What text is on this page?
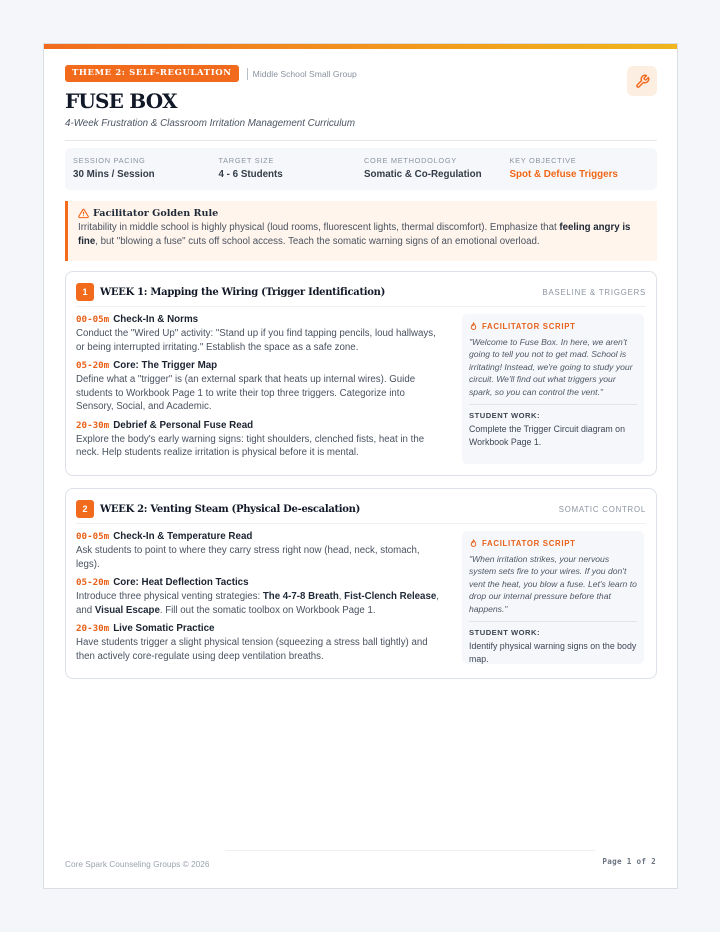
THEME 2: SELF-REGULATION	Middle School Small Group
FUSE BOX
4-Week Frustration & Classroom Irritation Management Curriculum
SESSION PACING
30 Mins / Session
TARGET SIZE
4 - 6 Students
CORE METHODOLOGY
Somatic & Co-Regulation
KEY OBJECTIVE
Spot & Defuse Triggers
Facilitator Golden Rule
Irritability in middle school is highly physical (loud rooms, fluorescent lights, thermal discomfort). Emphasize that feeling angry is fine, but "blowing a fuse" cuts off school access. Teach the somatic warning signs of an emotional overload.
1	WEEK 1: Mapping the Wiring (Trigger Identification)	BASELINE & TRIGGERS
00-05m Check-In & Norms
Conduct the "Wired Up" activity: "Stand up if you find tapping pencils, loud hallways, or being interrupted irritating." Establish the space as a safe zone.
05-20m Core: The Trigger Map
Define what a "trigger" is (an external spark that heats up internal wires). Guide students to Workbook Page 1 to write their top three triggers. Categorize into Sensory, Social, and Academic.
20-30m Debrief & Personal Fuse Read
Explore the body's early warning signs: tight shoulders, clenched fists, heat in the neck. Help students realize irritation is physical before it is mental.
FACILITATOR SCRIPT
"Welcome to Fuse Box. In here, we aren't going to tell you not to get mad. School is irritating! Instead, we're going to study your circuit. We'll find out what triggers your spark, so you can control the vent."
STUDENT WORK:
Complete the Trigger Circuit diagram on Workbook Page 1.
2	WEEK 2: Venting Steam (Physical De-escalation)	SOMATIC CONTROL
00-05m Check-In & Temperature Read
Ask students to point to where they carry stress right now (head, neck, stomach, legs).
05-20m Core: Heat Deflection Tactics
Introduce three physical venting strategies: The 4-7-8 Breath, Fist-Clench Release, and Visual Escape. Fill out the somatic toolbox on Workbook Page 1.
20-30m Live Somatic Practice
Have students trigger a slight physical tension (squeezing a stress ball tightly) and then actively core-regulate using deep ventilation breaths.
FACILITATOR SCRIPT
"When irritation strikes, your nervous system sets fire to your wires. If you don't vent the heat, you blow a fuse. Let's learn to drop our internal pressure before that happens."
STUDENT WORK:
Identify physical warning signs on the body map.
Core Spark Counseling Groups © 2026	Page 1 of 2
